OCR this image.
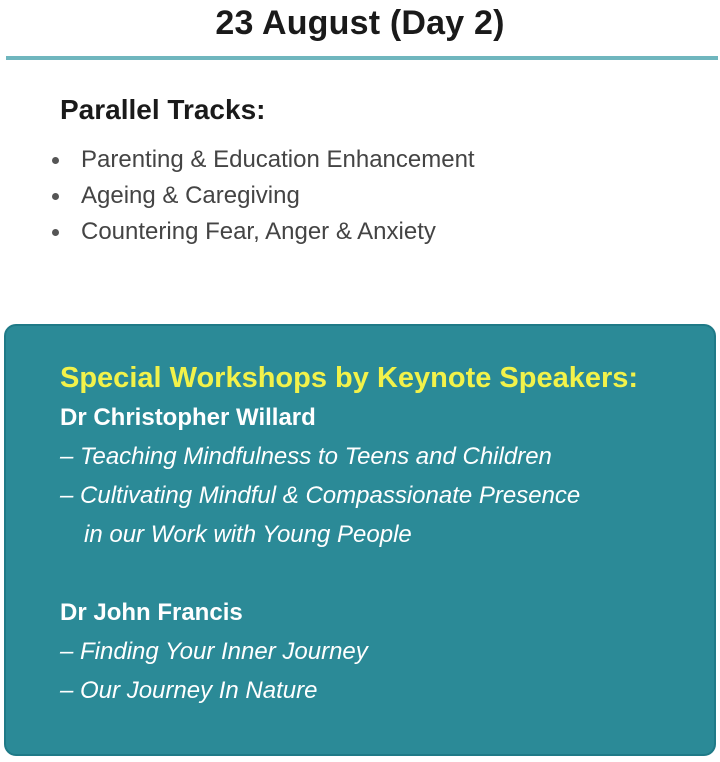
23 August (Day 2)
Parallel Tracks:
Parenting & Education Enhancement
Ageing & Caregiving
Countering Fear, Anger & Anxiety
Special Workshops by Keynote Speakers:
Dr Christopher Willard
– Teaching Mindfulness to Teens and Children
– Cultivating Mindful & Compassionate Presence
in our Work with Young People
Dr John Francis
– Finding Your Inner Journey
– Our Journey In Nature
